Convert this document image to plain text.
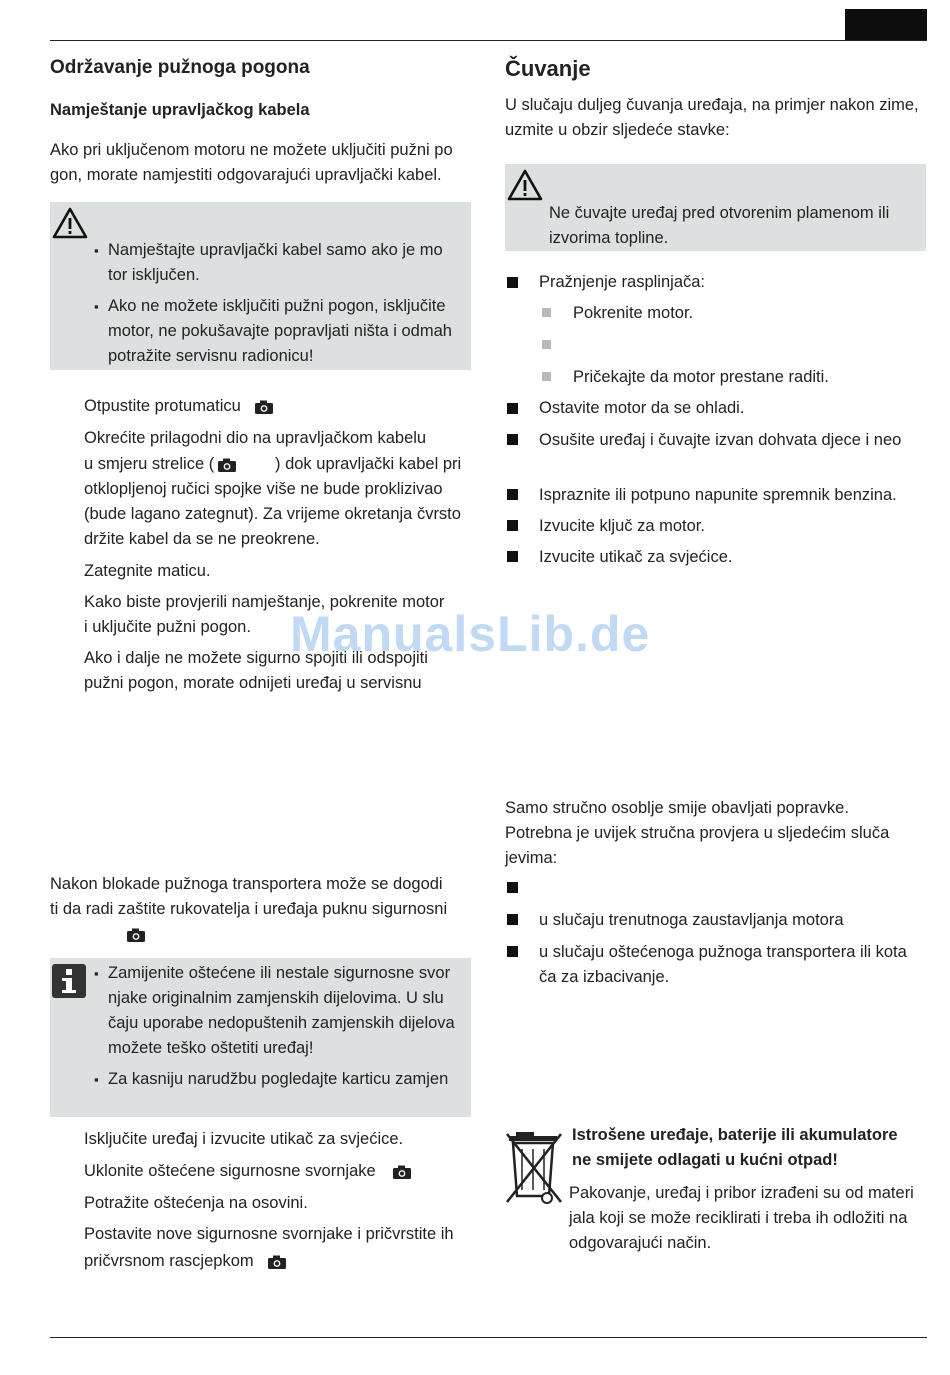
Održavanje pužnoga pogona
Namještanje upravljačkog kabela
Ako pri uključenom motoru ne možete uključiti pužni po
gon, morate namjestiti odgovarajući upravljački kabel.
▪ Namještajte upravljački kabel samo ako je mo
tor isključen.
▪ Ako ne možete isključiti pužni pogon, isključite
motor, ne pokušavajte popravljati ništa i odmah
potražite servisnu radionicu!
Otpustite protumaticu
Okrećite prilagodni dio na upravljačkom kabelu
u smjeru strelice (	) dok upravljački kabel pri
otklopljenoj ručici spojke više ne bude proklizivao
(bude lagano zategnut). Za vrijeme okretanja čvrsto
držite kabel da se ne preokrene.
Zategnite maticu.
Kako biste provjerili namještanje, pokrenite motor
i uključite pužni pogon.
Ako i dalje ne možete sigurno spojiti ili odspojiti
pužni pogon, morate odnijeti uređaj u servisnu
Nakon blokade pužnoga transportera može se dogodi
ti da radi zaštite rukovatelja i uređaja puknu sigurnosni
▪ Zamijenite oštećene ili nestale sigurnosne svor
njake originalnim zamjenskih dijelovima. U slu
čaju uporabe nedopuštenih zamjenskih dijelova
možete teško oštetiti uređaj!
▪ Za kasniju narudžbu pogledajte karticu zamjen
Isključite uređaj i izvucite utikač za svjećice.
Uklonite oštećene sigurnosne svornjake
Potražite oštećenja na osovini.
Postavite nove sigurnosne svornjake i pričvrstite ih
pričvrsnom rascjepkom
Čuvanje
U slučaju duljeg čuvanja uređaja, na primjer nakon zime,
uzmite u obzir sljedeće stavke:
Ne čuvajte uređaj pred otvorenim plamenom ili
izvorima topline.
Pražnjenje rasplinjača:
Pokrenite motor.
Pričekajte da motor prestane raditi.
Ostavite motor da se ohladi.
Osušite uređaj i čuvajte izvan dohvata djece i neo
Ispraznite ili potpuno napunite spremnik benzina.
Izvucite ključ za motor.
Izvucite utikač za svjećice.
Samo stručno osoblje smije obavljati popravke.
Potrebna je uvijek stručna provjera u sljedećim sluča
jevima:
u slučaju trenutnoga zaustavljanja motora
u slučaju oštećenoga pužnoga transportera ili kota
ča za izbacivanje.
Istrošene uređaje, baterije ili akumulatore
ne smijete odlagati u kućni otpad!
Pakovanje, uređaj i pribor izrađeni su od materi
jala koji se može reciklirati i treba ih odložiti na
odgovarajući način.
ManualsLib.de
